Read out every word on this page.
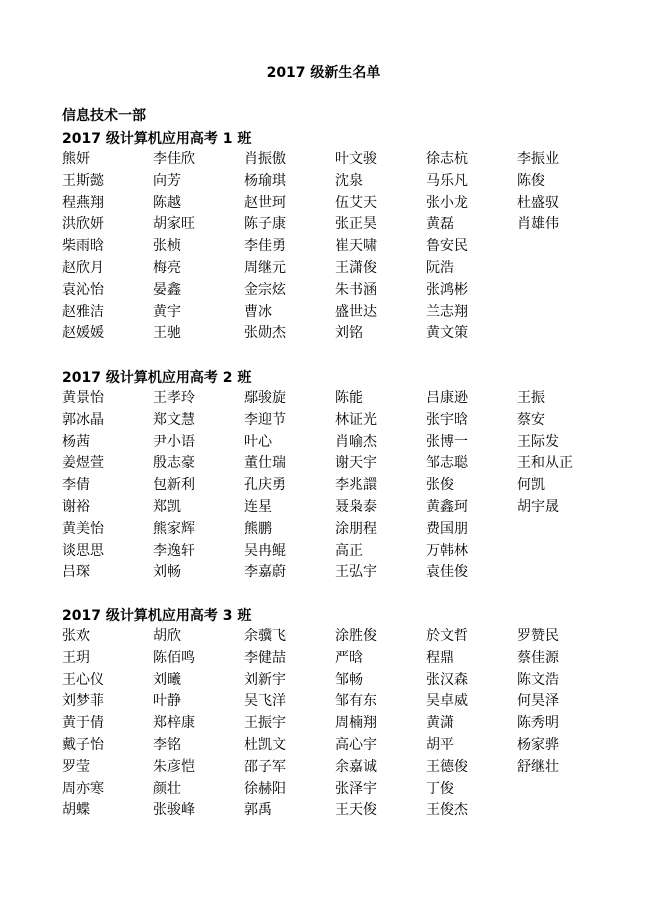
2017 级新生名单
信息技术一部
2017 级计算机应用高考 1 班
熊妍	李佳欣	肖振傲	叶文骏	徐志杭	李振业
王斯懿	向芳	杨瑜琪	沈泉	马乐凡	陈俊
程燕翔	陈越	赵世珂	伍艾天	张小龙	杜盛驭
洪欣妍	胡家旺	陈子康	张正昊	黄磊	肖雄伟
柴雨晗	张桢	李佳勇	崔天啸	鲁安民
赵欣月	梅亮	周继元	王潇俊	阮浩
袁沁怡	晏鑫	金宗炫	朱书涵	张鸿彬
赵雅洁	黄宇	曹冰	盛世达	兰志翔
赵媛媛	王驰	张勋杰	刘铭	黄文策
2017 级计算机应用高考 2 班
黄景怡	王孝玲	鄢骏旋	陈能	吕康逊	王振
郭冰晶	郑文慧	李迎节	林证光	张宇晗	蔡安
杨茜	尹小语	叶心	肖喻杰	张博一	王际发
姜煜萱	殷志豪	董仕瑞	谢天宇	邹志聪	王和从正
李倩	包新利	孔庆勇	李兆譞	张俊	何凯
谢裕	郑凯	连星	聂枭泰	黄鑫珂	胡宇晟
黄美怡	熊家辉	熊鹏	涂朋程	费国朋
谈思思	李逸轩	吴冉鲲	高正	万韩林
吕琛	刘畅	李嘉蔚	王弘宇	袁佳俊
2017 级计算机应用高考 3 班
张欢	胡欣	余骥飞	涂胜俊	於文哲	罗赞民
王玥	陈佰鸣	李健喆	严晗	程鼎	蔡佳源
王心仪	刘曦	刘新宇	邹畅	张汉森	陈文浩
刘梦菲	叶静	吴飞洋	邹有东	吴卓威	何昊泽
黄于倩	郑梓康	王振宇	周楠翔	黄潇	陈秀明
戴子怡	李铭	杜凯文	高心宇	胡平	杨家骅
罗莹	朱彦恺	邵子军	余嘉诚	王德俊	舒继壮
周亦寒	颜壮	徐赫阳	张泽宇	丁俊
胡蝶	张骏峰	郭禹	王天俊	王俊杰
